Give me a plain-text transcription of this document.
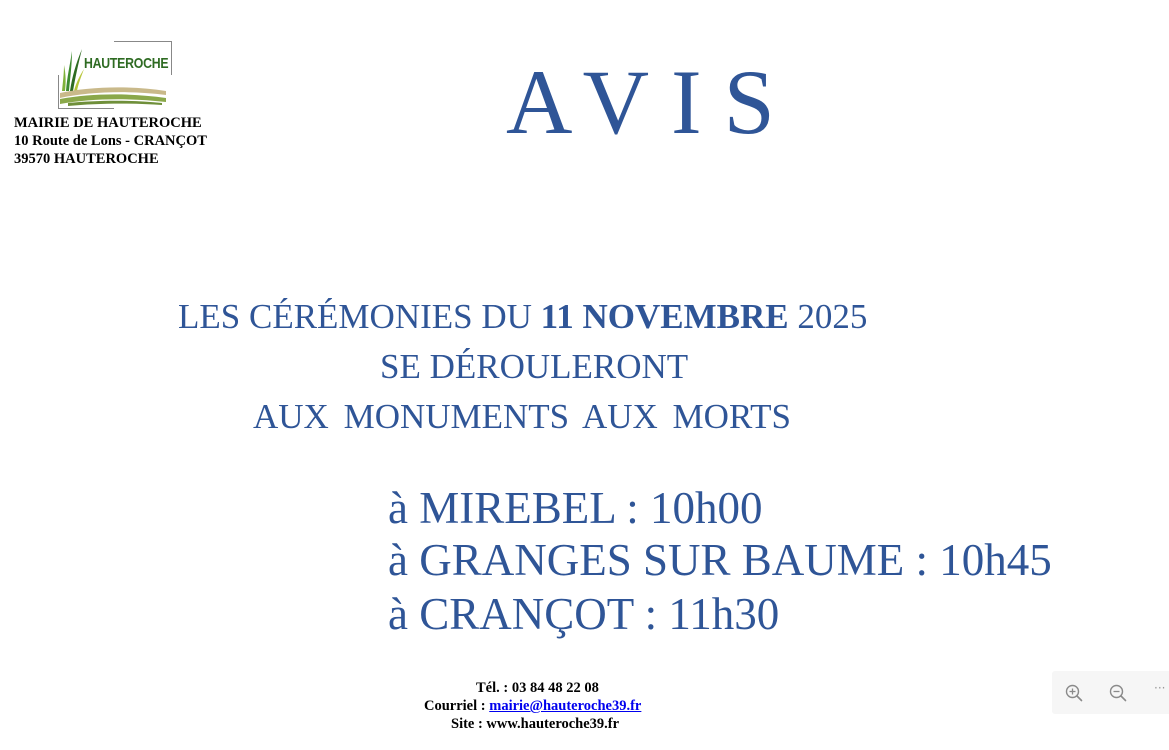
HAUTEROCHE
MAIRIE DE HAUTEROCHE
10 Route de Lons - CRANÇOT
39570 HAUTEROCHE
AVIS
LES CÉRÉMONIES DU 11 NOVEMBRE 2025
SE DÉROULERONT
AUX MONUMENTS AUX MORTS
à MIREBEL : 10h00
à GRANGES SUR BAUME : 10h45
à CRANÇOT : 11h30
Tél. : 03 84 48 22 08
Courriel : mairie@hauteroche39.fr
Site : www.hauteroche39.fr
···
